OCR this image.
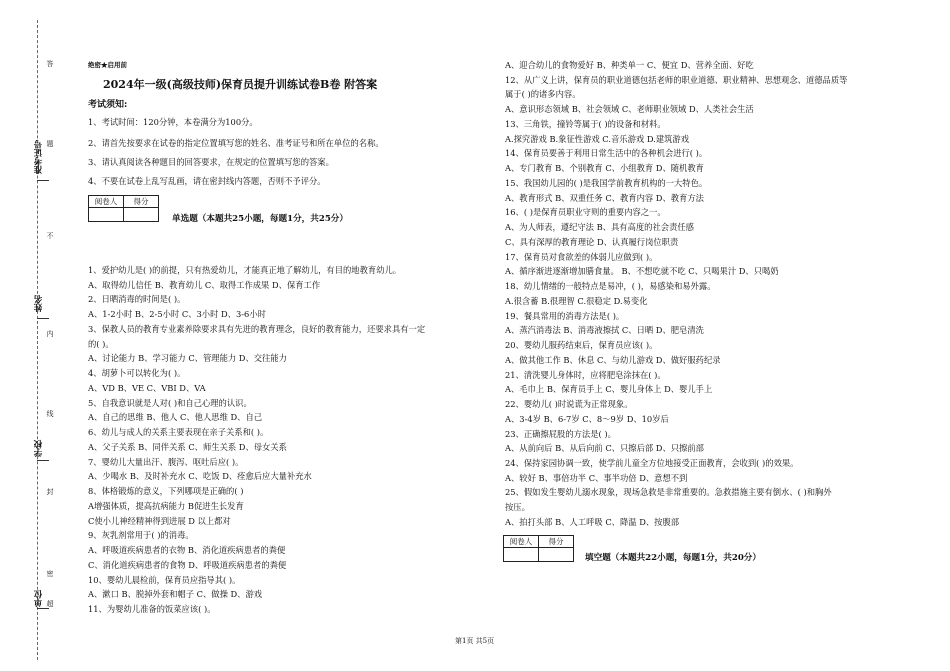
准考证号
姓名
学校
单位
答
题
不
内
线
封
密
超
绝密★启用前
2024年一级(高级技师)保育员提升训练试卷B卷 附答案
考试须知:
1、考试时间：120分钟，本卷满分为100分。
2、请首先按要求在试卷的指定位置填写您的姓名、准考证号和所在单位的名称。
3、请认真阅读各种题目的回答要求，在规定的位置填写您的答案。
4、不要在试卷上乱写乱画，请在密封线内答题，否则不予评分。
阅卷人	得分

单选题（本题共25小题，每题1分，共25分）
1、爱护幼儿是( )的前提，只有热爱幼儿，才能真正地了解幼儿，有目的地教育幼儿。
A、取得幼儿信任 B、教育幼儿 C、取得工作成果 D、保育工作
2、日晒消毒的时间是( )。
A、1-2小时 B、2-5小时 C、3小时 D、3-6小时
3、保教人员的教育专业素养除要求具有先进的教育理念，良好的教育能力，还要求具有一定
的( )。
A、讨论能力 B、学习能力 C、管理能力 D、交往能力
4、胡萝卜可以转化为( )。
A、VD B、VE C、VBI D、VA
5、自我意识就是人对( )和自己心理的认识。
A、自己的思维 B、他人 C、他人思维 D、自己
6、幼儿与成人的关系主要表现在亲子关系和( )。
A、父子关系 B、同伴关系 C、师生关系 D、母女关系
7、婴幼儿大量出汗、腹泻、呕吐后应( )。
A、少喝水 B、及时补充水 C、吃饭 D、痊愈后应大量补充水
8、体格锻炼的意义，下列哪项是正确的( )
A增强体质，提高抗病能力 B促进生长发育
C使小儿神经精神得到进展 D 以上都对
9、灰乳剂常用于( )的消毒。
A、呼吸道疾病患者的衣物 B、消化道疾病患者的粪便
C、消化道疾病患者的食物 D、呼吸道疾病患者的粪便
10、婴幼儿晨检前，保育员应指导其( )。
A、漱口 B、脱掉外套和帽子 C、做操 D、游戏
11、为婴幼儿准备的饭菜应该( )。
A、迎合幼儿的食物爱好 B、种类单一 C、便宜 D、营养全面、好吃
12、从广义上讲，保育员的职业道德包括老师的职业道德、职业精神、思想观念、道德品质等
属于( )的诸多内容。
A、意识形态领域 B、社会领域 C、老师职业领域 D、人类社会生活
13、三角铁，撞铃等属于( )的设备和材料。
A.探究游戏 B.象征性游戏 C.音乐游戏 D.建筑游戏
14、保育员要善于利用日常生活中的各种机会进行( )。
A、专门教育 B、个别教育 C、小组教育 D、随机教育
15、我国幼儿园的( )是我国学前教育机构的一大特色。
A、教育形式 B、双重任务 C、教育内容 D、教育方法
16、( )是保育员职业守则的重要内容之一。
A、为人师表，遵纪守法 B、具有高度的社会责任感
C、具有深厚的教育理论 D、认真履行岗位职责
17、保育员对食欲差的体弱儿应做到( )。
A、循序渐进逐渐增加膳食量。 B、不想吃就不吃 C、只喝果汁 D、只喝奶
18、幼儿情绪的一般特点是易冲，( )，易感染和易外露。
A.很含蓄 B.很理智 C.很稳定 D.易变化
19、餐具常用的消毒方法是( )。
A、蒸汽消毒法 B、消毒液擦拭 C、日晒 D、肥皂清洗
20、婴幼儿服药结束后，保育员应该( )。
A、做其他工作 B、休息 C、与幼儿游戏 D、做好服药纪录
21、清洗婴儿身体时，应将肥皂涂抹在( )。
A、毛巾上 B、保育员手上 C、婴儿身体上 D、婴儿手上
22、婴幼儿( )时说谎为正常现象。
A、3-4岁 B、6-7岁 C、8～9岁 D、10岁后
23、正确擦屁股的方法是( )。
A、从前向后 B、从后向前 C、只擦后部 D、只擦前部
24、保持家园协调一致，使学前儿童全方位地接受正面教育，会收到( )的效果。
A、较好 B、事倍功半 C、事半功倍 D、意想不到
25、假如发生婴幼儿溺水现象，现场急救是非常重要的。急救措施主要有倒水、( )和胸外
按压。
A、拍打头部 B、人工呼吸 C、降温 D、按腹部
阅卷人	得分

填空题（本题共22小题，每题1分，共20分）
第1页 共5页
